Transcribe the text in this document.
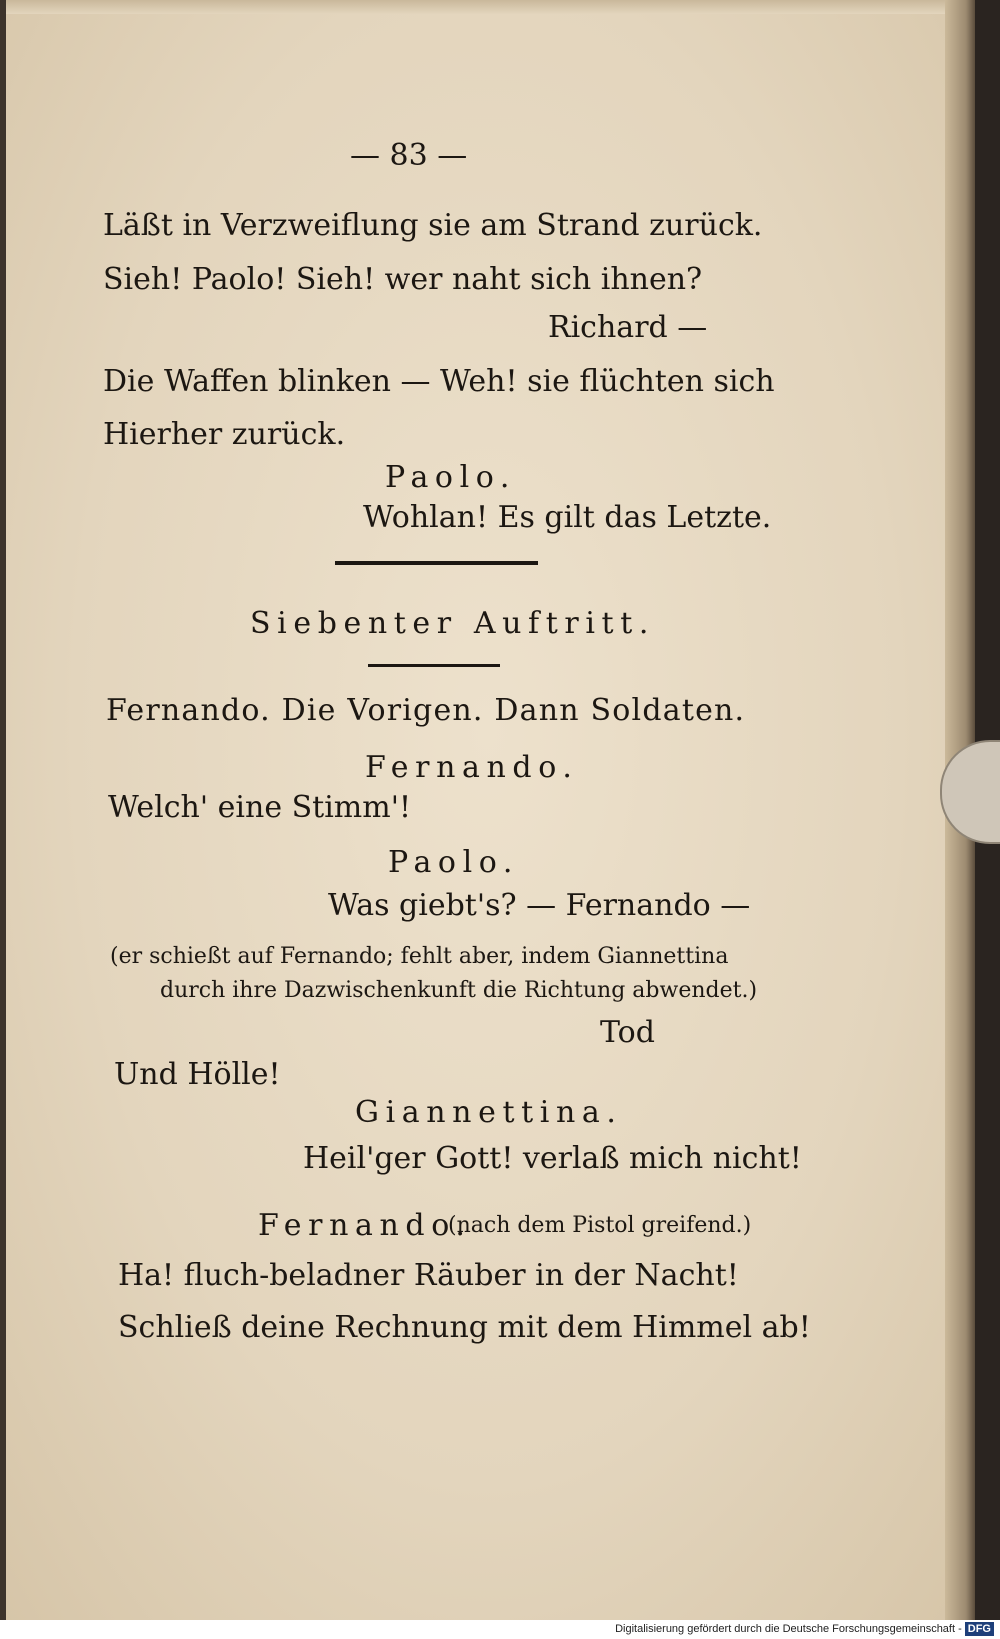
— 83 —
Läßt in Verzweiflung sie am Strand zurück.
Sieh! Paolo! Sieh! wer naht sich ihnen?
Richard —
Die Waffen blinken — Weh! sie flüchten sich
Hierher zurück.
Paolo.
Wohlan! Es gilt das Letzte.
Siebenter Auftritt.
Fernando. Die Vorigen. Dann Soldaten.
Fernando.
Welch' eine Stimm'!
Paolo.
Was giebt's? — Fernando —
(er schießt auf Fernando; fehlt aber, indem Giannettina
durch ihre Dazwischenkunft die Richtung abwendet.)
Tod
Und Hölle!
Giannettina.
Heil'ger Gott! verlaß mich nicht!
Fernando.
(nach dem Pistol greifend.)
Ha! fluch-beladner Räuber in der Nacht!
Schließ deine Rechnung mit dem Himmel ab!
Digitalisierung gefördert durch die Deutsche Forschungsgemeinschaft - DFG
